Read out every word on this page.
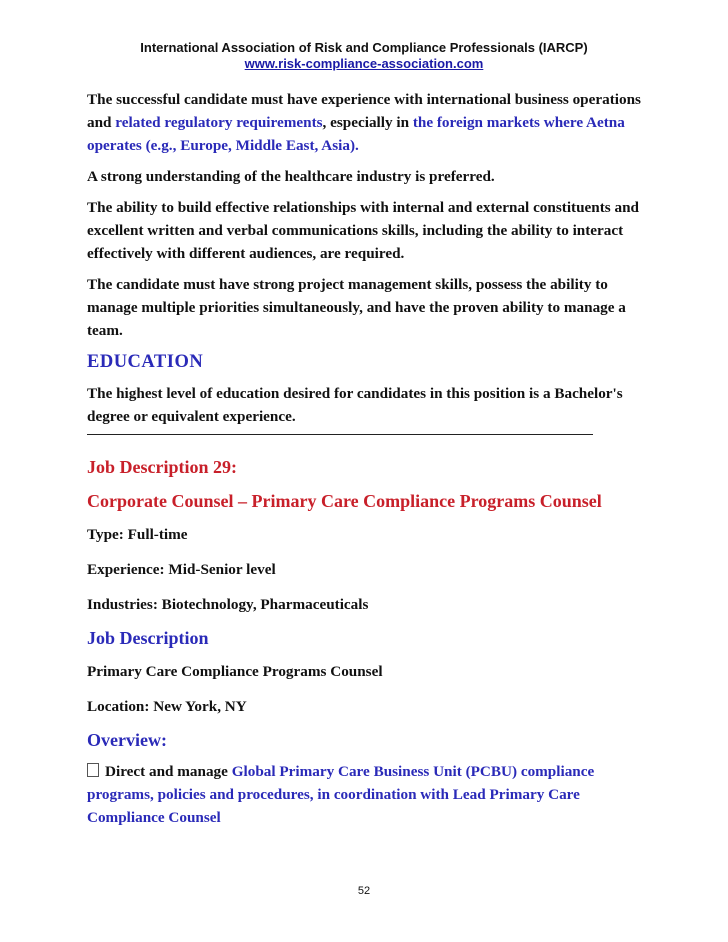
International Association of Risk and Compliance Professionals (IARCP)
www.risk-compliance-association.com

The successful candidate must have experience with international business operations and related regulatory requirements, especially in the foreign markets where Aetna operates (e.g., Europe, Middle East, Asia).

A strong understanding of the healthcare industry is preferred.

The ability to build effective relationships with internal and external constituents and excellent written and verbal communications skills, including the ability to interact effectively with different audiences, are required.

The candidate must have strong project management skills, possess the ability to manage multiple priorities simultaneously, and have the proven ability to manage a team.

EDUCATION

The highest level of education desired for candidates in this position is a Bachelor's degree or equivalent experience.

Job Description 29:
Corporate Counsel – Primary Care Compliance Programs Counsel

Type: Full-time

Experience: Mid-Senior level

Industries: Biotechnology, Pharmaceuticals

Job Description

Primary Care Compliance Programs Counsel

Location: New York, NY

Overview:

Direct and manage Global Primary Care Business Unit (PCBU) compliance programs, policies and procedures, in coordination with Lead Primary Care Compliance Counsel

52
